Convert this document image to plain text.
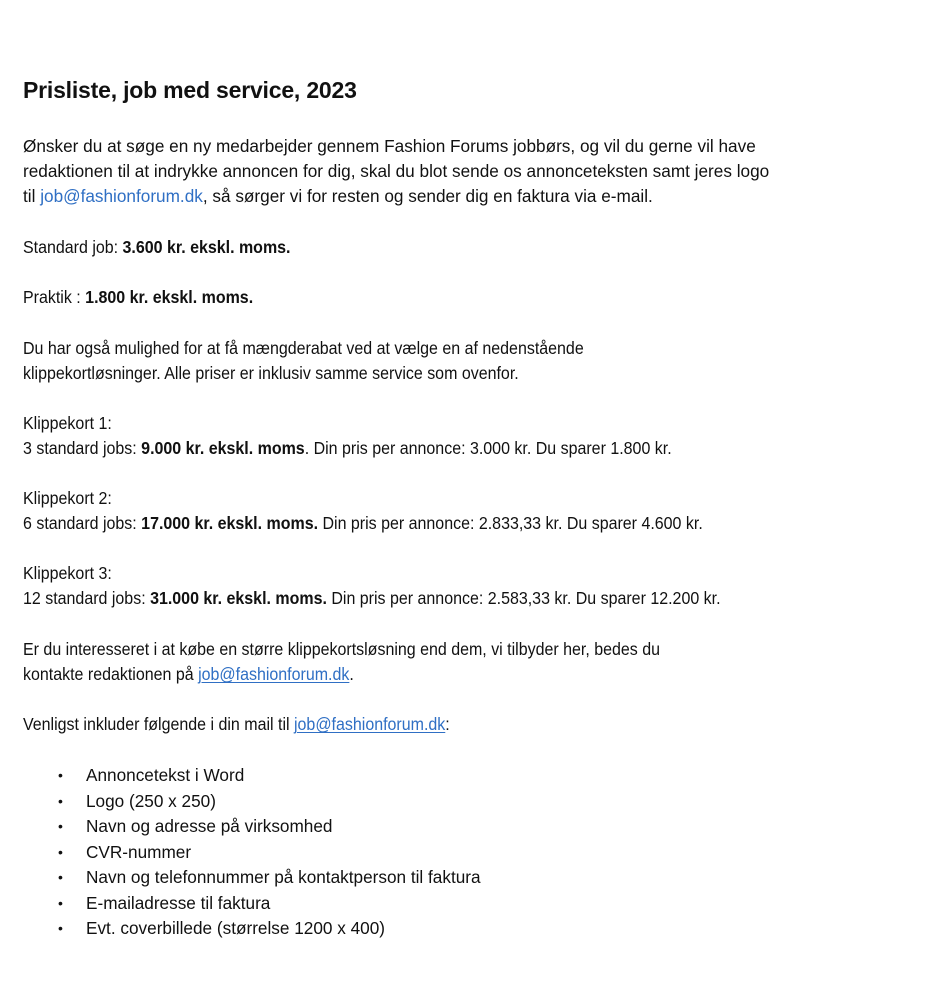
Prisliste, job med service, 2023
Ønsker du at søge en ny medarbejder gennem Fashion Forums jobbørs, og vil du gerne vil have
redaktionen til at indrykke annoncen for dig, skal du blot sende os annonceteksten samt jeres logo
til job@fashionforum.dk, så sørger vi for resten og sender dig en faktura via e-mail.
Standard job: 3.600 kr. ekskl. moms.
Praktik : 1.800 kr. ekskl. moms.
Du har også mulighed for at få mængderabat ved at vælge en af nedenstående
klippekortløsninger. Alle priser er inklusiv samme service som ovenfor.
Klippekort 1:
3 standard jobs: 9.000 kr. ekskl. moms. Din pris per annonce: 3.000 kr. Du sparer 1.800 kr.
Klippekort 2:
6 standard jobs: 17.000 kr. ekskl. moms. Din pris per annonce: 2.833,33 kr. Du sparer 4.600 kr.
Klippekort 3:
12 standard jobs: 31.000 kr. ekskl. moms. Din pris per annonce: 2.583,33 kr. Du sparer 12.200 kr.
Er du interesseret i at købe en større klippekortsløsning end dem, vi tilbyder her, bedes du
kontakte redaktionen på job@fashionforum.dk.
Venligst inkluder følgende i din mail til job@fashionforum.dk:
• Annoncetekst i Word
• Logo (250 x 250)
• Navn og adresse på virksomhed
• CVR-nummer
• Navn og telefonnummer på kontaktperson til faktura
• E-mailadresse til faktura
• Evt. coverbillede (størrelse 1200 x 400)
